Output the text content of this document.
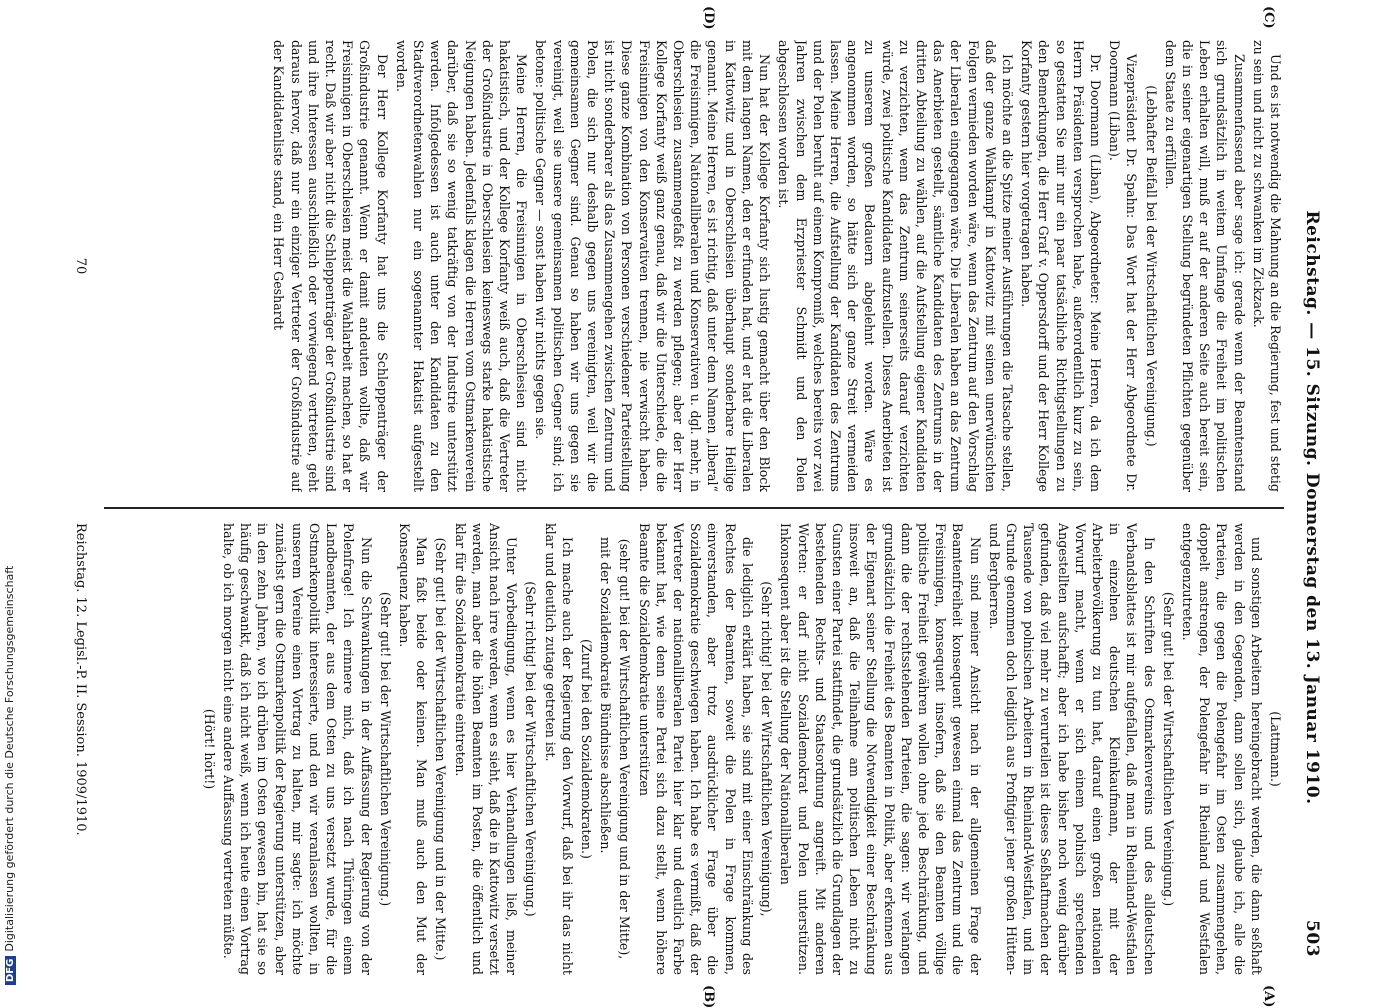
DFGDigitalisierung gefördert durch die Deutsche Forschungsgemeinschaft	Reichstag. — 15. Sitzung. Donnerstag den 13. Januar 1910.
503
(C)
(D)
(A)
(B)

Und es ist notwendig die Mahnung an die Regierung, fest und stetig zu sein und nicht zu schwanken im Zickzack.

Zusammenfassend aber sage ich: gerade wenn der Beamtenstand sich grundsätzlich in weitem Umfange die Freiheit im politischen Leben erhalten will, muß er auf der anderen Seite auch bereit sein, die in seiner eigenartigen Stellung begründeten Pflichten gegenüber dem Staate zu erfüllen.

(Lebhafter Beifall bei der Wirtschaftlichen Vereinigung.)

Vizepräsident Dr. Spahn: Das Wort hat der Herr Abgeordnete Dr. Doormann (Liban).

Dr. Doormann (Liban), Abgeordneter: Meine Herren, da ich dem Herrn Präsidenten versprochen habe, außerordentlich kurz zu sein, so gestatten Sie mir nur ein paar tatsächliche Richtigstellungen zu den Bemerkungen, die Herr Graf v. Oppersdorff und der Herr Kollege Korfanty gestern hier vorgetragen haben.

Ich möchte an die Spitze meiner Ausführungen die Tatsache stellen, daß der ganze Wahlkampf in Kattowitz mit seinen unerwünschten Folgen vermieden worden wäre, wenn das Zentrum auf den Vorschlag der Liberalen eingegangen wäre. Die Liberalen haben an das Zentrum das Anerbieten gestellt, sämtliche Kandidaten des Zentrums in der dritten Abteilung zu wählen, auf die Aufstellung eigener Kandidaten zu verzichten, wenn das Zentrum seinerseits darauf verzichten würde, zwei politische Kandidaten aufzustellen. Dieses Anerbieten ist zu unserem großen Bedauern abgelehnt worden. Wäre es angenommen worden, so hätte sich der ganze Streit vermeiden lassen. Meine Herren, die Aufstellung der Kandidaten des Zentrums und der Polen beruht auf einem Kompromiß, welches bereits vor zwei Jahren zwischen dem Erzpriester Schmidt und den Polen abgeschlossen worden ist.

Nun hat der Kollege Korfanty sich lustig gemacht über den Block mit dem langen Namen, den er erfunden hat, und er hat die Liberalen in Kattowitz und in Oberschlesien überhaupt sonderbare Heilige genannt. Meine Herren, es ist richtig, daß unter dem Namen „liberal“ die Freisinnigen, Nationalliberalen und Konservativen u. dgl. mehr, in Oberschlesien zusammengefaßt zu werden pflegen; aber der Herr Kollege Korfanty weiß ganz genau, daß wir die Unterschiede, die die Freisinnigen von den Konservativen trennen, nie verwischt haben. Diese ganze Kombination von Personen verschiedener Parteistellung ist nicht sonderbarer als das Zusammengehen zwischen Zentrum und Polen, die sich nur deshalb gegen uns vereinigten, weil wir die gemeinsamen Gegner sind. Genau so haben wir uns gegen sie vereinigt, weil sie unsere gemeinsamen politischen Gegner sind; ich betone: politische Gegner — sonst haben wir nichts gegen sie.

Meine Herren, die Freisinnigen in Oberschlesien sind nicht hakatistisch, und der Kollege Korfanty weiß auch, daß die Vertreter der Großindustrie in Oberschlesien keineswegs starke hakatistische Neigungen haben. Jedenfalls klagen die Herren vom Ostmarkenverein darüber, daß sie so wenig tatkräftig von der Industrie unterstützt werden. Infolgedessen ist auch unter den Kandidaten zu den Stadtverordnetenwahlen nur ein sogenannter Hakatist aufgestellt worden.

Der Herr Kollege Korfanty hat uns die Schleppenträger der Großindustrie genannt. Wenn er damit andeuten wollte, daß wir Freisinnigen in Oberschlesien meist die Wahlarbeit machen, so hat er recht. Daß wir aber nicht die Schleppenträger der Großindustrie sind und ihre Interessen ausschließlich oder vorwiegend vertreten, geht daraus hervor, daß nur ein einziger Vertreter der Großindustrie auf der Kandidatenliste stand, ein Herr Geshardt

(Lattmann.)

und sonstigen Arbeitern hereingebracht werden, die dann seßhaft werden in den Gegenden, dann sollen sich, glaube ich, alle die Parteien, die gegen die Polengefahr im Osten zusammengehen, doppelt anstrengen, der Polengefahr in Rheinland und Westfalen entgegenzutreten.

(Sehr gut! bei der Wirtschaftlichen Vereinigung.)

In den Schriften des Ostmarkenvereins und des alldeutschen Verbandsblattes ist mir aufgefallen, daß man in Rheinland-Westfalen in einzelnen deutschen Kleinkaufmann, der mit der Arbeiterbevölkerung zu tun hat, darauf einen großen nationalen Vorwurf macht, wenn er sich einem polnisch sprechenden Angestellten aufschafft; aber ich habe bisher noch wenig darüber gefunden, daß viel mehr zu verurteilen ist dieses Seßhaftmachen der Tausende von polnischen Arbeitern in Rheinland-Westfalen, und im Grunde genommen doch lediglich aus Profitgier jener großen Hütten- und Bergherren.

Nun sind meiner Ansicht nach in der allgemeinen Frage der Beamtenfreiheit konsequent gewesen einmal das Zentrum und die Freisinnigen, konsequent insofern, daß sie den Beamten völlige politische Freiheit gewähren wollen ohne jede Beschränkung, und dann die der rechtsstehenden Parteien, die sagen: wir verlangen grundsätzlich die Freiheit des Beamten in Politik, aber erkennen aus der Eigenart seiner Stellung die Notwendigkeit einer Beschränkung insoweit an, daß die Teilnahme am politischen Leben nicht zu Gunsten einer Partei stattfindet, die grundsätzlich die Grundlagen der bestehenden Rechts- und Staatsordnung angreift. Mit anderen Worten: er darf nicht Sozialdemokrat und Polen unterstützen. Inkonsequent aber ist die Stellung der Nationalliberalen

(Sehr richtig! bei der Wirtschaftlichen Vereinigung),

die lediglich erklärt haben, sie sind mit einer Einschränkung des Rechtes der Beamten, soweit die Polen in Frage kommen, einverstanden, aber trotz ausdrücklicher Frage über die Sozialdemokratie geschwiegen haben. Ich habe es vermißt, daß der Vertreter der nationalliberalen Partei hier klar und deutlich Farbe bekannt hat, wie denn seine Partei sich dazu stellt, wenn höhere Beamte die Sozialdemokratie unterstützen

(sehr gut! bei der Wirtschaftlichen Vereinigung und in der Mitte),

mit der Sozialdemokratie Bündnisse abschließen.

(Zuruf bei den Sozialdemokraten.)

Ich mache auch der Regierung den Vorwurf, daß bei ihr das nicht klar und deutlich zutage getreten ist.

(Sehr richtig! bei der Wirtschaftlichen Vereinigung.)

Unter Vorbedingung, wenn es hier Verhandlungen ließ, meiner Ansicht nach irre werden, wenn es sieht, daß die in Kattowitz versetzt werden, man aber die höhen Beamten im Posten, die öffentlich und klar für die Sozialdemokratie eintreten.

(Sehr gut! bei der Wirtschaftlichen Vereinigung und in der Mitte.)

Man faßt beide oder keinen. Man muß auch den Mut der Konsequenz haben.

(Sehr gut! bei der Wirtschaftlichen Vereinigung.)

Nun die Schwankungen in der Auffassung der Regierung von der Polenfrage! Ich erinnere mich, daß ich nach Thüringen einem Landbeamten, der aus dem Osten zu uns versetzt wurde, für die Ostmarkenpolitik interessierte, und den wir veranlassen wollten, in unserem Vereine einen Vortrag zu halten, mir sagte: ich möchte zunächst gern die Ostmarkenpolitik der Regierung unterstützen, aber in den zehn Jahren, wo ich drüben im Osten gewesen bin, hat sie so häufig geschwankt, daß ich nicht weiß, wenn ich heute einen Vortrag halte, ob ich morgen nicht eine andere Auffassung vertreten müßte.

(Hört! hört!)

Reichstag. 12. Legisl.-P. II. Session. 1909/1910.
70
